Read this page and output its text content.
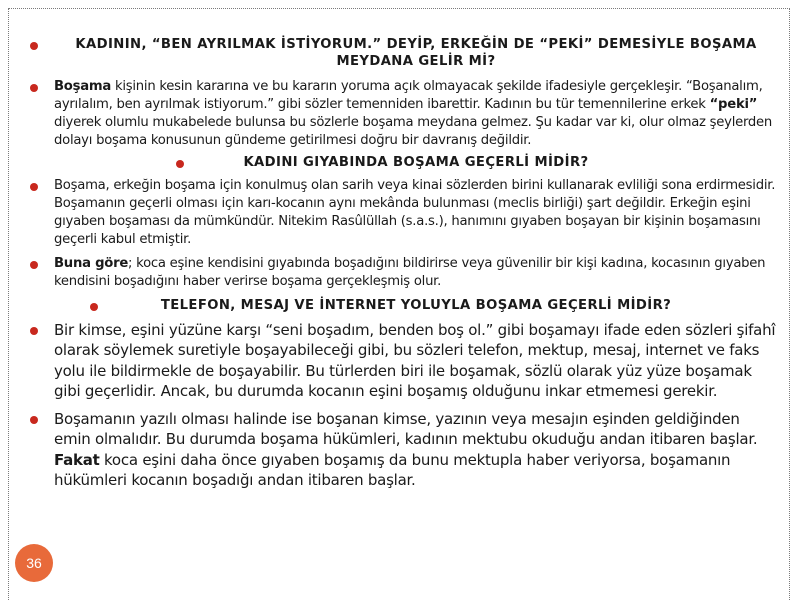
KADININ, “BEN AYRILMAK İSTİYORUM.” DEYİP, ERKEĞİN DE “PEKİ” DEMESİYLE BOŞAMA MEYDANA GELİR Mİ?
Boşama kişinin kesin kararına ve bu kararın yoruma açık olmayacak şekilde ifadesiyle gerçekleşir. “Boşanalım, ayrılalım, ben ayrılmak istiyorum.” gibi sözler temenniden ibarettir. Kadının bu tür temennilerine erkek “peki” diyerek olumlu mukabelede bulunsa bu sözlerle boşama meydana gelmez. Şu kadar var ki, olur olmaz şeylerden dolayı boşama konusunun gündeme getirilmesi doğru bir davranış değildir.
KADINI GIYABINDA BOŞAMA GEÇERLİ MİDİR?
Boşama, erkeğin boşama için konulmuş olan sarih veya kinai sözlerden birini kullanarak evliliği sona erdirmesidir. Boşamanın geçerli olması için karı-kocanın aynı mekânda bulunması (meclis birliği) şart değildir. Erkeğin eşini gıyaben boşaması da mümkündür. Nitekim Rasûlüllah (s.a.s.), hanımını gıyaben boşayan bir kişinin boşamasını geçerli kabul etmiştir.
Buna göre; koca eşine kendisini gıyabında boşadığını bildirirse veya güvenilir bir kişi kadına, kocasının gıyaben kendisini boşadığını haber verirse boşama gerçekleşmiş olur.
TELEFON, MESAJ VE İNTERNET YOLUYLA BOŞAMA GEÇERLİ MİDİR?
Bir kimse, eşini yüzüne karşı “seni boşadım, benden boş ol.” gibi boşamayı ifade eden sözleri şifahî olarak söylemek suretiyle boşayabileceği gibi, bu sözleri telefon, mektup, mesaj, internet ve faks yolu ile bildirmekle de boşayabilir. Bu türlerden biri ile boşamak, sözlü olarak yüz yüze boşamak gibi geçerlidir. Ancak, bu durumda kocanın eşini boşamış olduğunu inkar etmemesi gerekir.
Boşamanın yazılı olması halinde ise boşanan kimse, yazının veya mesajın eşinden geldiğinden emin olmalıdır. Bu durumda boşama hükümleri, kadının mektubu okuduğu andan itibaren başlar. Fakat koca eşini daha önce gıyaben boşamış da bunu mektupla haber veriyorsa, boşamanın hükümleri kocanın boşadığı andan itibaren başlar.
36
